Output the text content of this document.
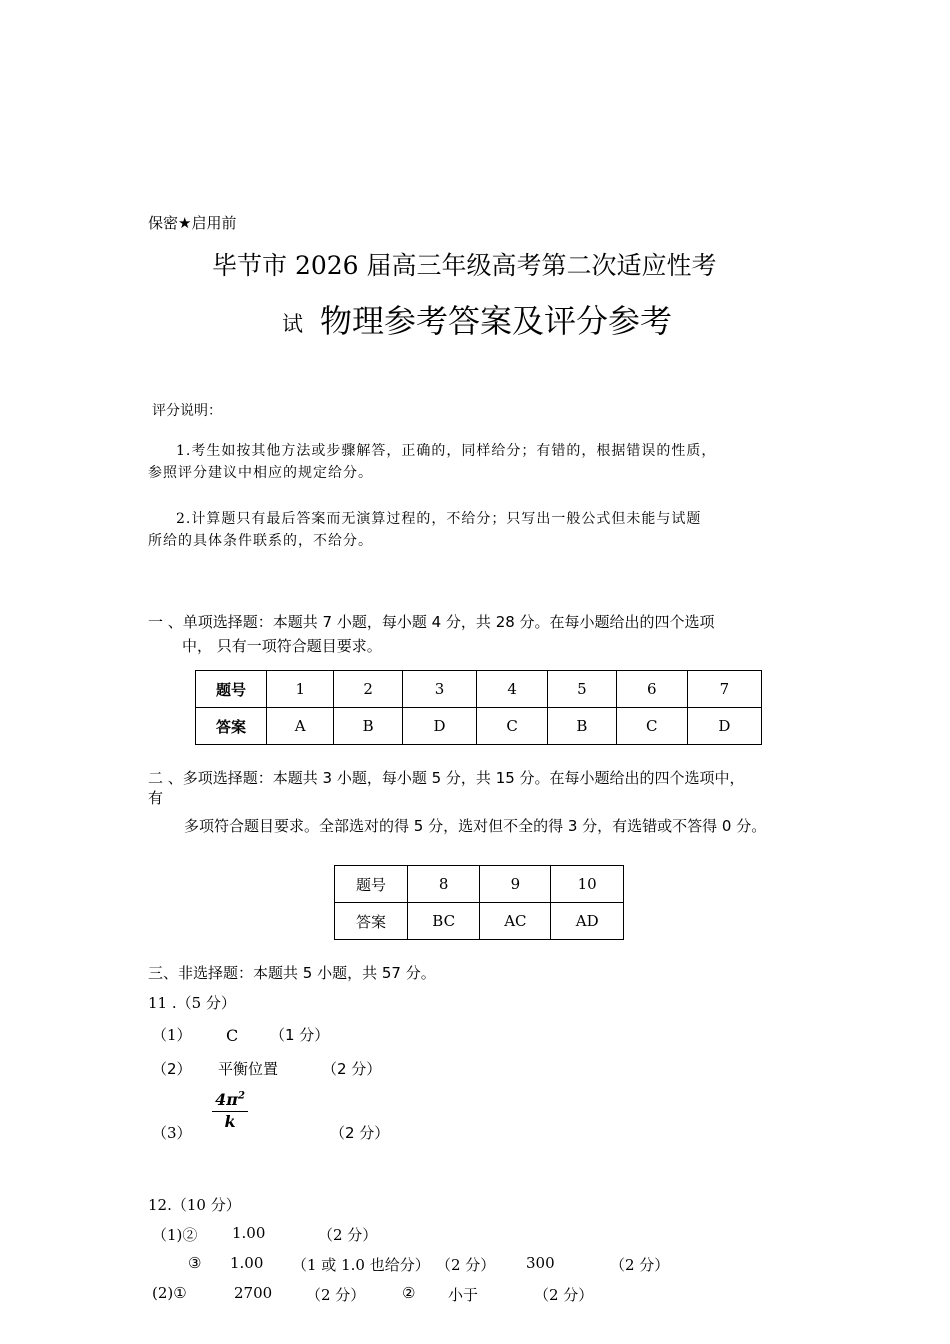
保密★启用前
毕节市 2026 届高三年级高考第二次适应性考
试 物理参考答案及评分参考
评分说明：
1.考生如按其他方法或步骤解答，正确的，同样给分；有错的，根据错误的性质，
参照评分建议中相应的规定给分。
2.计算题只有最后答案而无演算过程的，不给分；只写出一般公式但未能与试题
所给的具体条件联系的，不给分。
一 、单项选择题：本题共 7 小题，每小题 4 分，共 28 分。在每小题给出的四个选项
中， 只有一项符合题目要求。
题号	1	2	3	4	5	6	7
答案	A	B	D	C	B	C	D
二 、多项选择题：本题共 3 小题，每小题 5 分，共 15 分。在每小题给出的四个选项中，
有
多项符合题目要求。全部选对的得 5 分，选对但不全的得 3 分，有选错或不答得 0 分。
题号	8	9	10
答案	BC	AC	AD
三、非选择题：本题共 5 小题，共 57 分。
11 .（5 分）
（1） C （1 分）
（2） 平衡位置	（2 分）
$\frac{4\pi^2}{k}$
（3）	（2 分）
12.（10 分）
（1)② 1.00	（2 分）
③ 1.00 （1 或 1.0 也给分） （2 分） 300	（2 分）
(2)①	2700 （2 分） ② 小于	（2 分）
